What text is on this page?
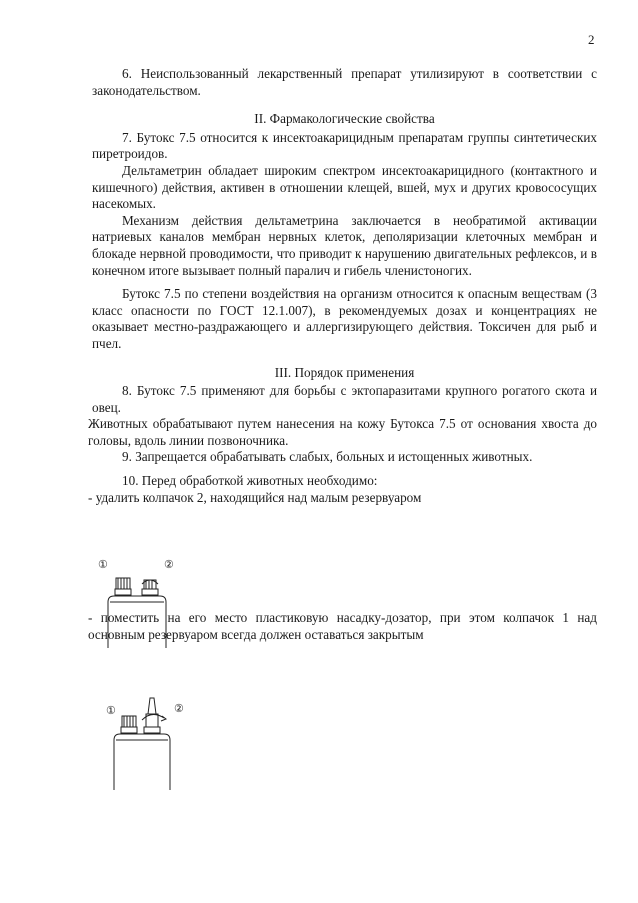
2

6. Неиспользованный лекарственный препарат утилизируют в соответствии с законодательством.

II. Фармакологические свойства

7. Бутокс 7.5 относится к инсектоакарицидным препаратам группы синтетических пиретроидов.

Дельтаметрин обладает широким спектром инсектоакарицидного (контактного и кишечного) действия, активен в отношении клещей, вшей, мух и других кровососущих насекомых.

Механизм действия дельтаметрина заключается в необратимой активации натриевых каналов мембран нервных клеток, деполяризации клеточных мембран и блокаде нервной проводимости, что приводит к нарушению двигательных рефлексов, и в конечном итоге вызывает полный паралич и гибель членистоногих.

Бутокс 7.5 по степени воздействия на организм относится к опасным веществам (3 класс опасности по ГОСТ 12.1.007), в рекомендуемых дозах и концентрациях не оказывает местно-раздражающего и аллергизирующего действия. Токсичен для рыб и пчел.

III. Порядок применения

8. Бутокс 7.5 применяют для борьбы с эктопаразитами крупного рогатого скота и овец.

Животных обрабатывают путем нанесения на кожу Бутокса 7.5 от основания хвоста до головы, вдоль линии позвоночника.

9. Запрещается обрабатывать слабых, больных и истощенных животных.

10. Перед обработкой животных необходимо:

- удалить колпачок 2, находящийся над малым резервуаром

- поместить на его место пластиковую насадку-дозатор, при этом колпачок 1 над основным резервуаром всегда должен оставаться закрытым

①	②
①	②
